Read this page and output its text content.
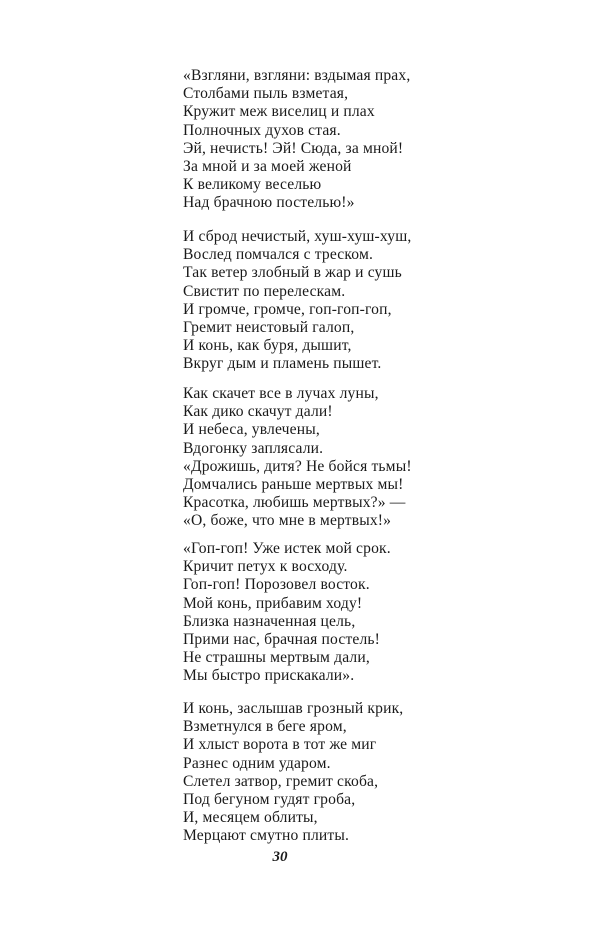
«Взгляни, взгляни: вздымая прах,
Столбами пыль взметая,
Кружит меж виселиц и плах
Полночных духов стая.
Эй, нечисть! Эй! Сюда, за мной!
За мной и за моей женой
К великому веселью
Над брачною постелью!»
И сброд нечистый, хуш-хуш-хуш,
Вослед помчался с треском.
Так ветер злобный в жар и сушь
Свистит по перелескам.
И громче, громче, гоп-гоп-гоп,
Гремит неистовый галоп,
И конь, как буря, дышит,
Вкруг дым и пламень пышет.
Как скачет все в лучах луны,
Как дико скачут дали!
И небеса, увлечены,
Вдогонку заплясали.
«Дрожишь, дитя? Не бойся тьмы!
Домчались раньше мертвых мы!
Красотка, любишь мертвых?» —
«О, боже, что мне в мертвых!»
«Гоп-гоп! Уже истек мой срок.
Кричит петух к восходу.
Гоп-гоп! Порозовел восток.
Мой конь, прибавим ходу!
Близка назначенная цель,
Прими нас, брачная постель!
Не страшны мертвым дали,
Мы быстро прискакали».
И конь, заслышав грозный крик,
Взметнулся в беге яром,
И хлыст ворота в тот же миг
Разнес одним ударом.
Слетел затвор, гремит скоба,
Под бегуном гудят гроба,
И, месяцем облиты,
Мерцают смутно плиты.
30
